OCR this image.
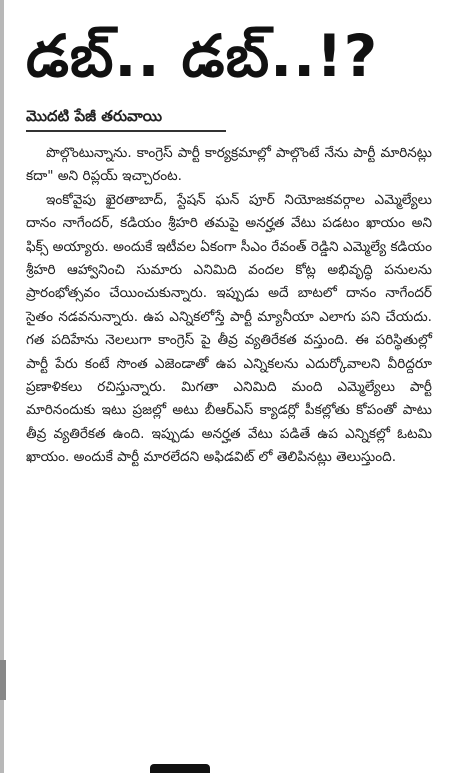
డబ్.. డబ్..!?
మొదటి పేజీ తరువాయి

పొల్గొంటున్నాను. కాంగ్రెస్ పార్టీ కార్యక్రమాల్లో పాల్గొంటే నేను పార్టీ మారినట్లు కదా" అని రిప్లయ్ ఇచ్చారంట.

ఇంకోవైపు ఖైరతాబాద్, స్టేషన్ ఘన్ పూర్ నియోజకవర్గాల ఎమ్మెల్యేలు దానం నాగేందర్, కడియం శ్రీహరి తమపై అనర్హత వేటు పడటం ఖాయం అని ఫిక్స్ అయ్యారు. అందుకే ఇటీవల ఏకంగా సీఎం రేవంత్ రెడ్డిని ఎమ్మెల్యే కడియం శ్రీహరి ఆహ్వానించి సుమారు ఎనిమిది వందల కోట్ల అభివృద్ధి పనులను ప్రారంభోత్సవం చేయించుకున్నారు. ఇప్పుడు అదే బాటలో దానం నాగేందర్ సైతం నడవనున్నారు. ఉప ఎన్నికలోస్తే పార్టీ మ్యానీయా ఎలాగు పని చేయదు. గత పదిహేను నెలలుగా కాంగ్రెస్ పై తీవ్ర వ్యతిరేకత వస్తుంది. ఈ పరిస్థితుల్లో పార్టీ పేరు కంటే సొంత ఎజెండాతో ఉప ఎన్నికలను ఎదుర్కోవాలని వీరిద్దరూ ప్రణాళికలు రచిస్తున్నారు. మిగతా ఎనిమిది మంది ఎమ్మెల్యేలు పార్టీ మారినందుకు ఇటు ప్రజల్లో అటు బీఆర్ఎస్ క్యాడర్లో పీకల్లోతు కోపంతో పాటు తీవ్ర వ్యతిరేకత ఉంది. ఇప్పుడు అనర్హత వేటు పడితే ఉప ఎన్నికల్లో ఓటమి ఖాయం. అందుకే పార్టీ మారలేదని అఫిడవిట్ లో తెలిపినట్లు తెలుస్తుంది.
